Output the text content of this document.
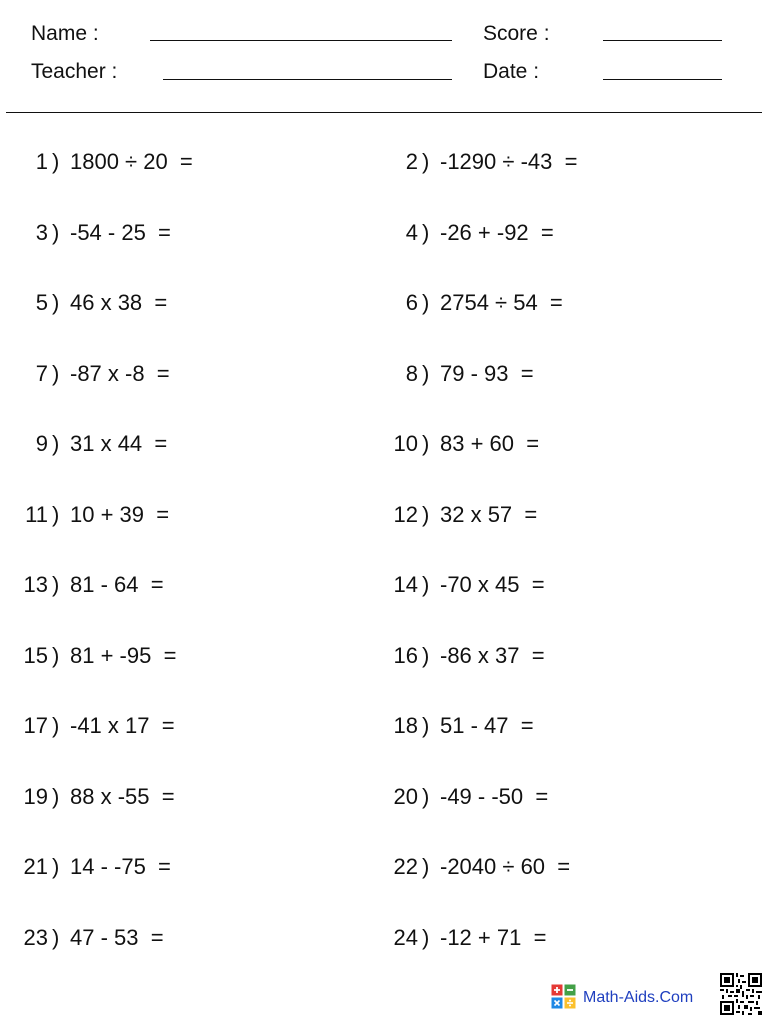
Name :
Teacher :
Score :
Date :
1 ) 1800 ÷ 20  =	2 ) -1290 ÷ -43  =
3 ) -54 - 25  =	4 ) -26 + -92  =
5 ) 46 x 38  =	6 ) 2754 ÷ 54  =
7 ) -87 x -8  =	8 ) 79 - 93  =
9 ) 31 x 44  =	10 ) 83 + 60  =
11 ) 10 + 39  =	12 ) 32 x 57  =
13 ) 81 - 64  =	14 ) -70 x 45  =
15 ) 81 + -95  =	16 ) -86 x 37  =
17 ) -41 x 17  =	18 ) 51 - 47  =
19 ) 88 x -55  =	20 ) -49 - -50  =
21 ) 14 - -75  =	22 ) -2040 ÷ 60  =
23 ) 47 - 53  =	24 ) -12 + 71  =
Math-Aids.Com
